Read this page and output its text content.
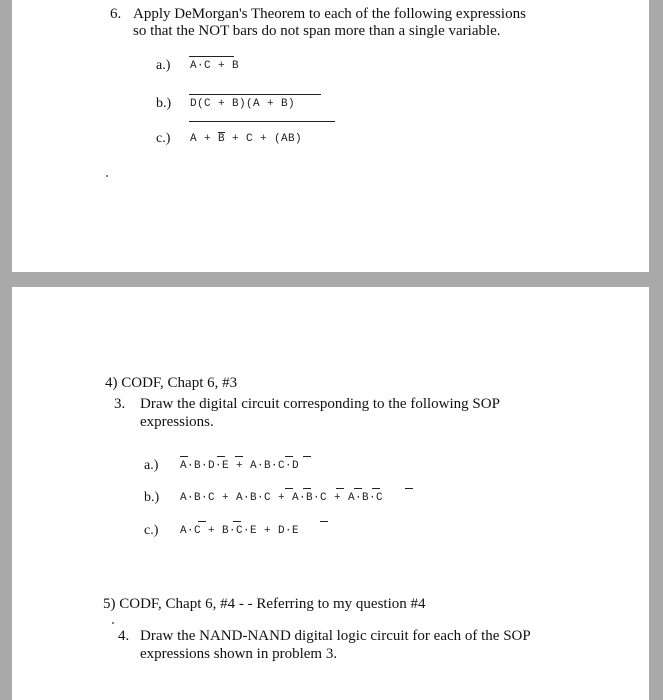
6. Apply DeMorgan's Theorem to each of the following expressions
so that the NOT bars do not span more than a single variable.
a.) A·C + B
b.) D(C + B)(A + B)
c.) $A + \overline{B} + C + (AB)$
4) CODF, Chapt 6, #3
3. Draw the digital circuit corresponding to the following SOP
expressions.
a.) A·B·D·E + A·B·C·D
b.) A·B·C + A·B·C + A·B·C + A·B·C
c.) A·C + B·C·E + D·E
5) CODF, Chapt 6, #4 - - Referring to my question #4
4. Draw the NAND-NAND digital logic circuit for each of the SOP
expressions shown in problem 3.
